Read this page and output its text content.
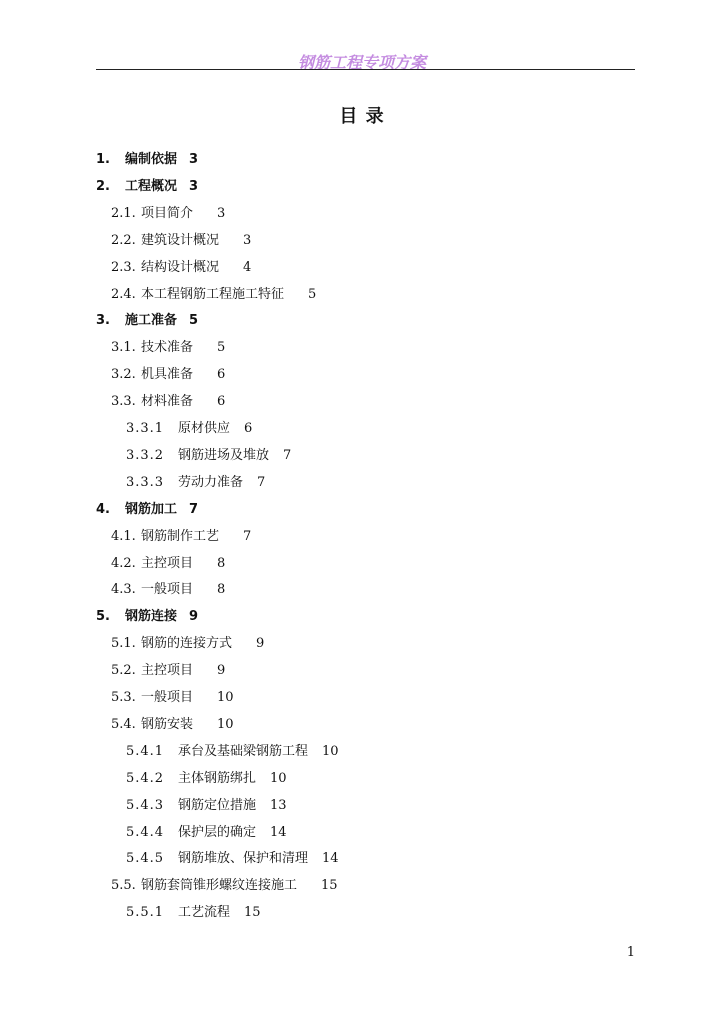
钢筋工程专项方案
目 录
1. 编制依据 3
2. 工程概况 3
2.1. 项目简介 3
2.2. 建筑设计概况 3
2.3. 结构设计概况 4
2.4. 本工程钢筋工程施工特征 5
3. 施工准备 5
3.1. 技术准备 5
3.2. 机具准备 6
3.3. 材料准备 6
3.3.1 原材供应 6
3.3.2 钢筋进场及堆放 7
3.3.3 劳动力准备 7
4. 钢筋加工 7
4.1. 钢筋制作工艺 7
4.2. 主控项目 8
4.3. 一般项目 8
5. 钢筋连接 9
5.1. 钢筋的连接方式 9
5.2. 主控项目 9
5.3. 一般项目 10
5.4. 钢筋安装 10
5.4.1 承台及基础梁钢筋工程 10
5.4.2 主体钢筋绑扎 10
5.4.3 钢筋定位措施 13
5.4.4 保护层的确定 14
5.4.5 钢筋堆放、保护和清理 14
5.5. 钢筋套筒锥形螺纹连接施工 15
5.5.1 工艺流程 15
1
